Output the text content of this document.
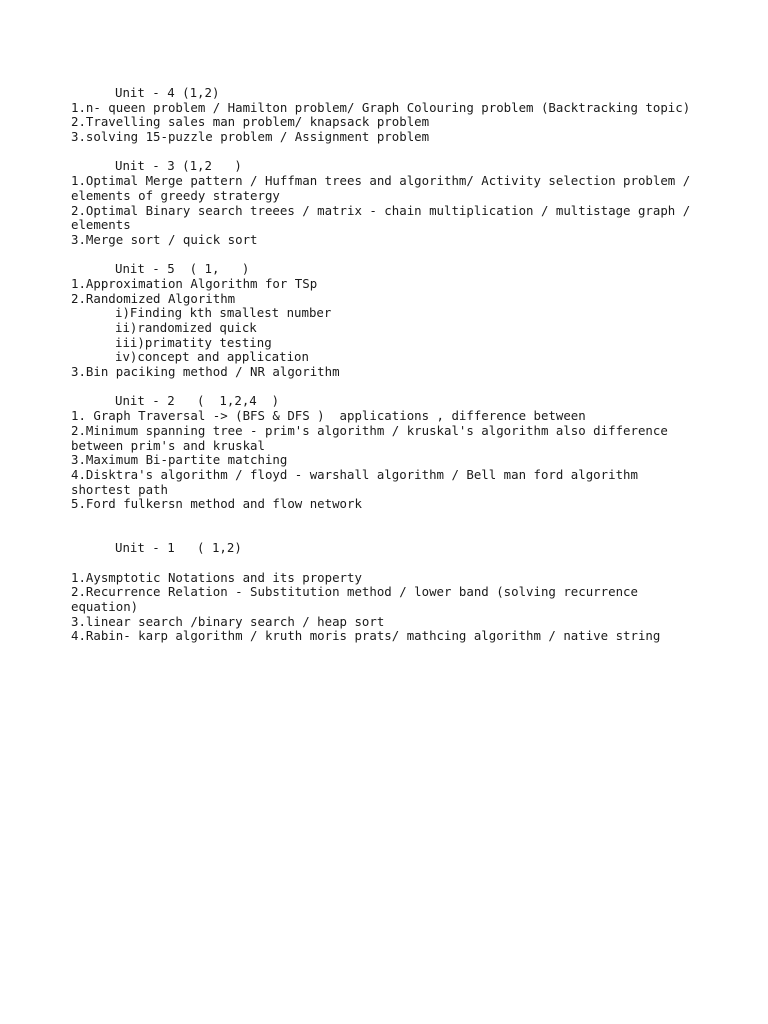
Unit - 4 (1,2)
1.n- queen problem / Hamilton problem/ Graph Colouring problem (Backtracking topic)
2.Travelling sales man problem/ knapsack problem
3.solving 15-puzzle problem / Assignment problem
Unit - 3 (1,2   )
1.Optimal Merge pattern / Huffman trees and algorithm/ Activity selection problem /
elements of greedy stratergy
2.Optimal Binary search treees / matrix - chain multiplication / multistage graph /
elements
3.Merge sort / quick sort
Unit - 5  ( 1,   )
1.Approximation Algorithm for TSp
2.Randomized Algorithm
i)Finding kth smallest number
ii)randomized quick
iii)primatity testing
iv)concept and application
3.Bin paciking method / NR algorithm
Unit - 2   (  1,2,4  )
1. Graph Traversal -> (BFS & DFS )  applications , difference between
2.Minimum spanning tree - prim's algorithm / kruskal's algorithm also difference
between prim's and kruskal
3.Maximum Bi-partite matching
4.Disktra's algorithm / floyd - warshall algorithm / Bell man ford algorithm
shortest path
5.Ford fulkersn method and flow network
Unit - 1   ( 1,2)
1.Aysmptotic Notations and its property
2.Recurrence Relation - Substitution method / lower band (solving recurrence
equation)
3.linear search /binary search / heap sort
4.Rabin- karp algorithm / kruth moris prats/ mathcing algorithm / native string
